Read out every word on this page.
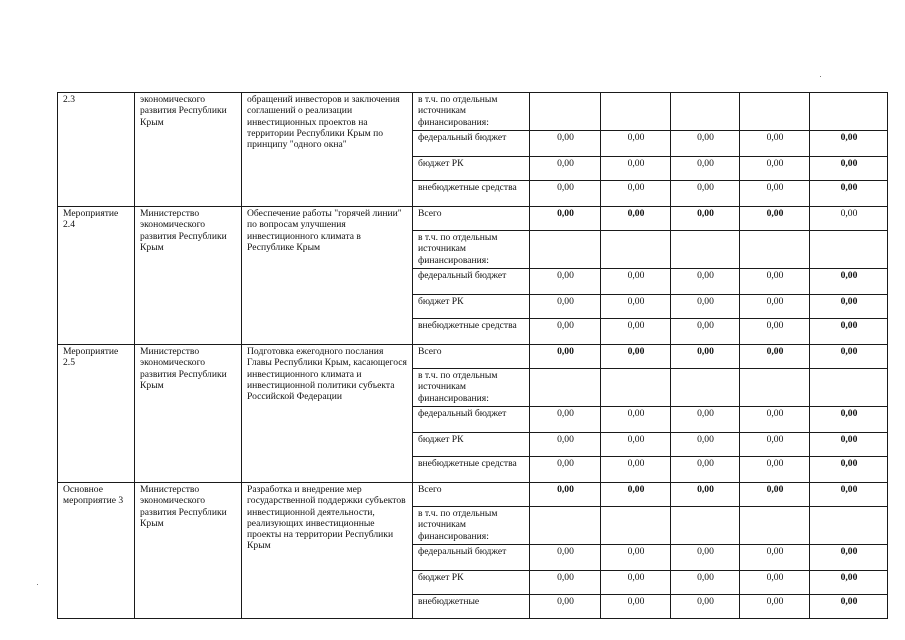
2.3	экономического развития Республики Крым	обращений инвесторов и заключения соглашений о реализации инвестиционных проектов на территории Республики Крым по принципу "одного окна"	в т.ч. по отдельным источникам финансирования:					
			федеральный бюджет	0,00	0,00	0,00	0,00	0,00
			бюджет РК	0,00	0,00	0,00	0,00	0,00
			внебюджетные средства	0,00	0,00	0,00	0,00	0,00
Мероприятие 2.4	Министерство экономического развития Республики Крым	Обеспечение работы "горячей линии" по вопросам улучшения инвестиционного климата в Республике Крым	Всего	0,00	0,00	0,00	0,00	0,00
			в т.ч. по отдельным источникам финансирования:					
			федеральный бюджет	0,00	0,00	0,00	0,00	0,00
			бюджет РК	0,00	0,00	0,00	0,00	0,00
			внебюджетные средства	0,00	0,00	0,00	0,00	0,00
Мероприятие 2.5	Министерство экономического развития Республики Крым	Подготовка ежегодного послания Главы Республики Крым, касающегося инвестиционного климата и инвестиционной политики субъекта Российской Федерации	Всего	0,00	0,00	0,00	0,00	0,00
			в т.ч. по отдельным источникам финансирования:					
			федеральный бюджет	0,00	0,00	0,00	0,00	0,00
			бюджет РК	0,00	0,00	0,00	0,00	0,00
			внебюджетные средства	0,00	0,00	0,00	0,00	0,00
Основное мероприятие 3	Министерство экономического развития Республики Крым	Разработка и внедрение мер государственной поддержки субъектов инвестиционной деятельности, реализующих инвестиционные проекты на территории Республики Крым	Всего	0,00	0,00	0,00	0,00	0,00
			в т.ч. по отдельным источникам финансирования:					
			федеральный бюджет	0,00	0,00	0,00	0,00	0,00
			бюджет РК	0,00	0,00	0,00	0,00	0,00
			внебюджетные	0,00	0,00	0,00	0,00	0,00
